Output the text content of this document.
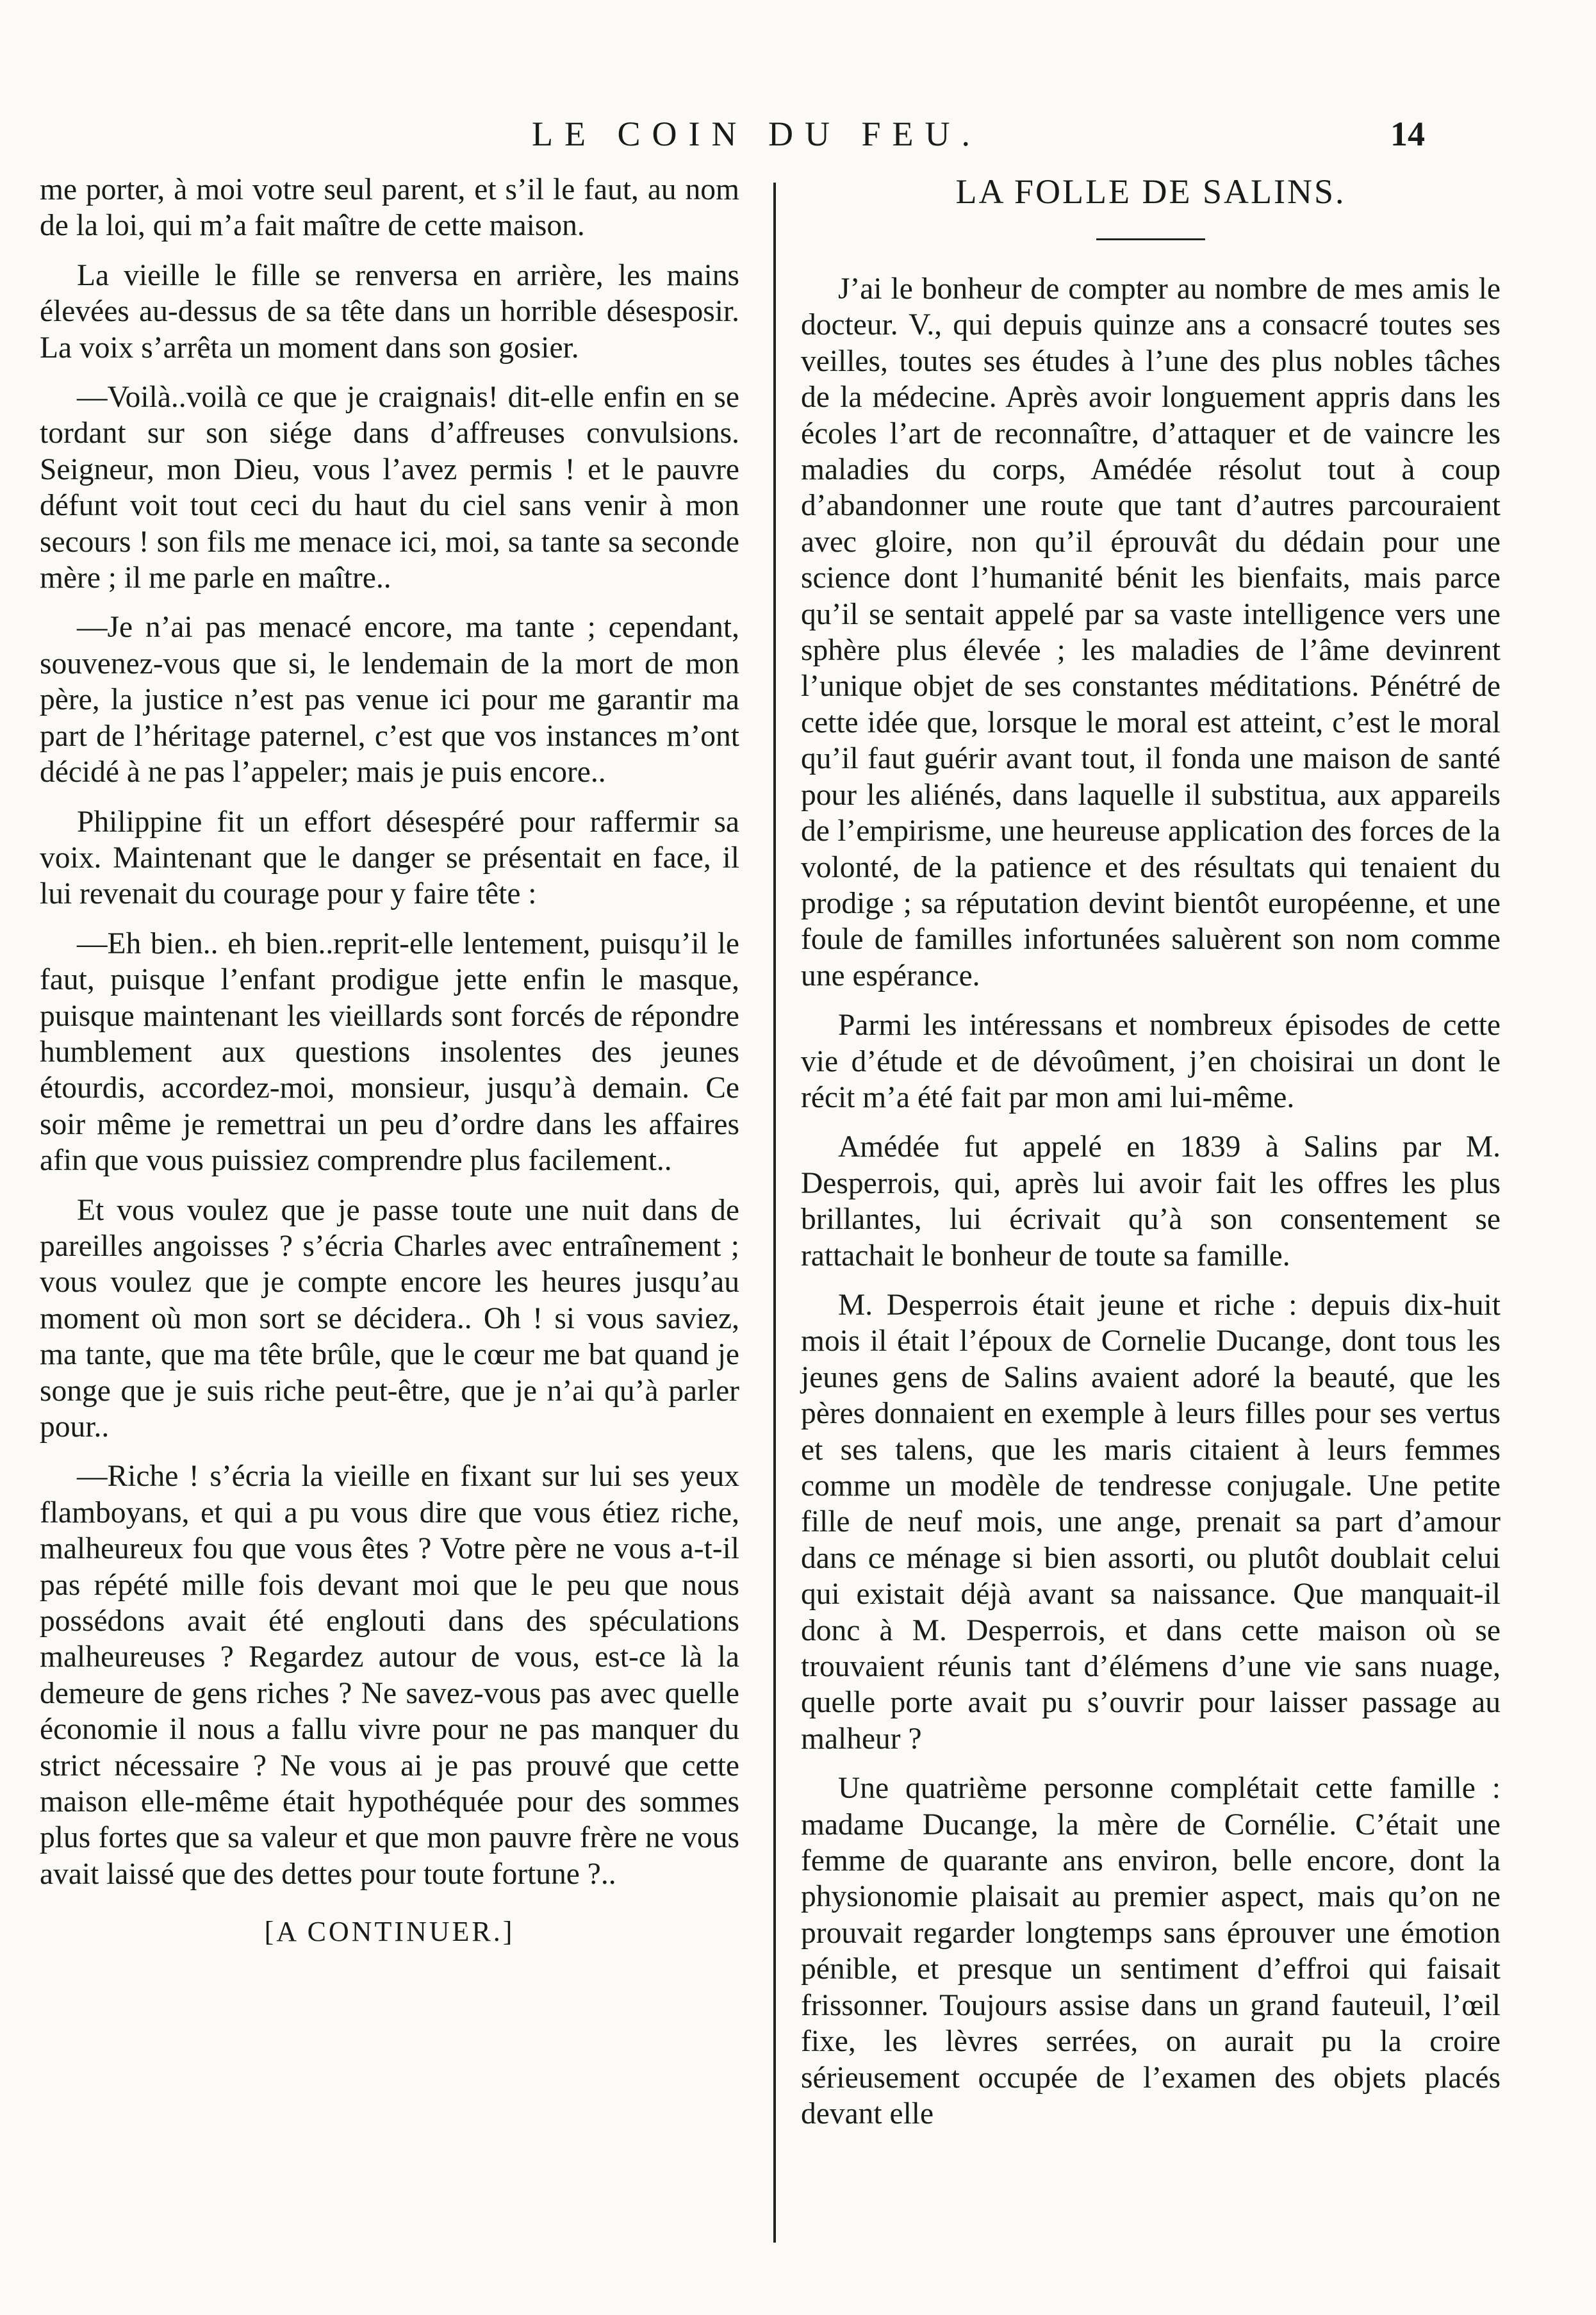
LE COIN DU FEU.	14

me porter, à moi votre seul parent, et s’il le faut, au nom de la loi, qui m’a fait maître de cette maison.

La vieille le fille se renversa en arrière, les mains élevées au-dessus de sa tête dans un horrible désesposir. La voix s’arrêta un moment dans son gosier.

—Voilà..voilà ce que je craignais! dit-elle enfin en se tordant sur son siége dans d’affreuses convulsions. Seigneur, mon Dieu, vous l’avez permis ! et le pauvre défunt voit tout ceci du haut du ciel sans venir à mon secours ! son fils me menace ici, moi, sa tante sa seconde mère ; il me parle en maître..

—Je n’ai pas menacé encore, ma tante ; cependant, souvenez-vous que si, le lendemain de la mort de mon père, la justice n’est pas venue ici pour me garantir ma part de l’héritage paternel, c’est que vos instances m’ont décidé à ne pas l’appeler; mais je puis encore..

Philippine fit un effort désespéré pour raffermir sa voix. Maintenant que le danger se présentait en face, il lui revenait du courage pour y faire tête :

—Eh bien.. eh bien..reprit-elle lentement, puisqu’il le faut, puisque l’enfant prodigue jette enfin le masque, puisque maintenant les vieillards sont forcés de répondre humblement aux questions insolentes des jeunes étourdis, accordez-moi, monsieur, jusqu’à demain. Ce soir même je remettrai un peu d’ordre dans les affaires afin que vous puissiez comprendre plus facilement..

Et vous voulez que je passe toute une nuit dans de pareilles angoisses ? s’écria Charles avec entraînement ; vous voulez que je compte encore les heures jusqu’au moment où mon sort se décidera.. Oh ! si vous saviez, ma tante, que ma tête brûle, que le cœur me bat quand je songe que je suis riche peut-être, que je n’ai qu’à parler pour..

—Riche ! s’écria la vieille en fixant sur lui ses yeux flamboyans, et qui a pu vous dire que vous étiez riche, malheureux fou que vous êtes ? Votre père ne vous a-t-il pas répété mille fois devant moi que le peu que nous possédons avait été englouti dans des spéculations malheureuses ? Regardez autour de vous, est-ce là la demeure de gens riches ? Ne savez-vous pas avec quelle économie il nous a fallu vivre pour ne pas manquer du strict nécessaire ? Ne vous ai je pas prouvé que cette maison elle-même était hypothéquée pour des sommes plus fortes que sa valeur et que mon pauvre frère ne vous avait laissé que des dettes pour toute fortune ?..

[A CONTINUER.]
LA FOLLE DE SALINS.

J’ai le bonheur de compter au nombre de mes amis le docteur. V., qui depuis quinze ans a consacré toutes ses veilles, toutes ses études à l’une des plus nobles tâches de la médecine. Après avoir longuement appris dans les écoles l’art de reconnaître, d’attaquer et de vaincre les maladies du corps, Amédée résolut tout à coup d’abandonner une route que tant d’autres parcouraient avec gloire, non qu’il éprouvât du dédain pour une science dont l’humanité bénit les bienfaits, mais parce qu’il se sentait appelé par sa vaste intelligence vers une sphère plus élevée ; les maladies de l’âme devinrent l’unique objet de ses constantes méditations. Pénétré de cette idée que, lorsque le moral est atteint, c’est le moral qu’il faut guérir avant tout, il fonda une maison de santé pour les aliénés, dans laquelle il substitua, aux appareils de l’empirisme, une heureuse application des forces de la volonté, de la patience et des résultats qui tenaient du prodige ; sa réputation devint bientôt européenne, et une foule de familles infortunées saluèrent son nom comme une espérance.

Parmi les intéressans et nombreux épisodes de cette vie d’étude et de dévoûment, j’en choisirai un dont le récit m’a été fait par mon ami lui-même.

Amédée fut appelé en 1839 à Salins par M. Desperrois, qui, après lui avoir fait les offres les plus brillantes, lui écrivait qu’à son consentement se rattachait le bonheur de toute sa famille.

M. Desperrois était jeune et riche : depuis dix-huit mois il était l’époux de Cornelie Ducange, dont tous les jeunes gens de Salins avaient adoré la beauté, que les pères donnaient en exemple à leurs filles pour ses vertus et ses talens, que les maris citaient à leurs femmes comme un modèle de tendresse conjugale. Une petite fille de neuf mois, une ange, prenait sa part d’amour dans ce ménage si bien assorti, ou plutôt doublait celui qui existait déjà avant sa naissance. Que manquait-il donc à M. Desperrois, et dans cette maison où se trouvaient réunis tant d’élémens d’une vie sans nuage, quelle porte avait pu s’ouvrir pour laisser passage au malheur ?

Une quatrième personne complétait cette famille : madame Ducange, la mère de Cornélie. C’était une femme de quarante ans environ, belle encore, dont la physionomie plaisait au premier aspect, mais qu’on ne prouvait regarder longtemps sans éprouver une émotion pénible, et presque un sentiment d’effroi qui faisait frissonner. Toujours assise dans un grand fauteuil, l’œil fixe, les lèvres serrées, on aurait pu la croire sérieusement occupée de l’examen des objets placés devant elle
